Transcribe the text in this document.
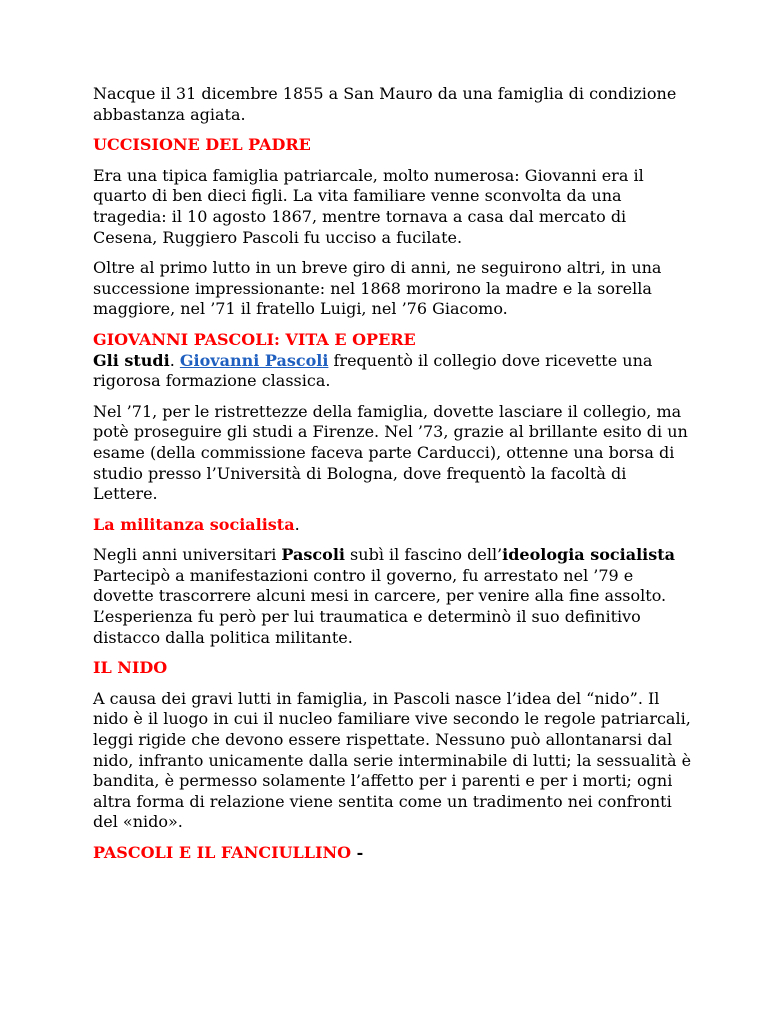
Nacque il 31 dicembre 1855 a San Mauro da una famiglia di condizione abbastanza agiata.

UCCISIONE DEL PADRE

Era una tipica famiglia patriarcale, molto numerosa: Giovanni era il quarto di ben dieci figli. La vita familiare venne sconvolta da una tragedia: il 10 agosto 1867, mentre tornava a casa dal mercato di Cesena, Ruggiero Pascoli fu ucciso a fucilate.

Oltre al primo lutto in un breve giro di anni, ne seguirono altri, in una successione impressionante: nel 1868 morirono la madre e la sorella maggiore, nel ’71 il fratello Luigi, nel ’76 Giacomo.

GIOVANNI PASCOLI: VITA E OPERE

Gli studi. Giovanni Pascoli frequentò il collegio dove ricevette una rigorosa formazione classica.

Nel ’71, per le ristrettezze della famiglia, dovette lasciare il collegio, ma potè proseguire gli studi a Firenze. Nel ’73, grazie al brillante esito di un esame (della commissione faceva parte Carducci), ottenne una borsa di studio presso l’Università di Bologna, dove frequentò la facoltà di Lettere.

La militanza socialista.

Negli anni universitari Pascoli subì il fascino dell’ideologia socialista Partecipò a manifestazioni contro il governo, fu arrestato nel ’79 e dovette trascorrere alcuni mesi in carcere, per venire alla fine assolto. L’esperienza fu però per lui traumatica e determinò il suo definitivo distacco dalla politica militante.

IL NIDO

A causa dei gravi lutti in famiglia, in Pascoli nasce l’idea del “nido”. Il nido è il luogo in cui il nucleo familiare vive secondo le regole patriarcali, leggi rigide che devono essere rispettate. Nessuno può allontanarsi dal nido, infranto unicamente dalla serie interminabile di lutti; la sessualità è bandita, è permesso solamente l’affetto per i parenti e per i morti; ogni altra forma di relazione viene sentita come un tradimento nei confronti del «nido».

PASCOLI E IL FANCIULLINO -
